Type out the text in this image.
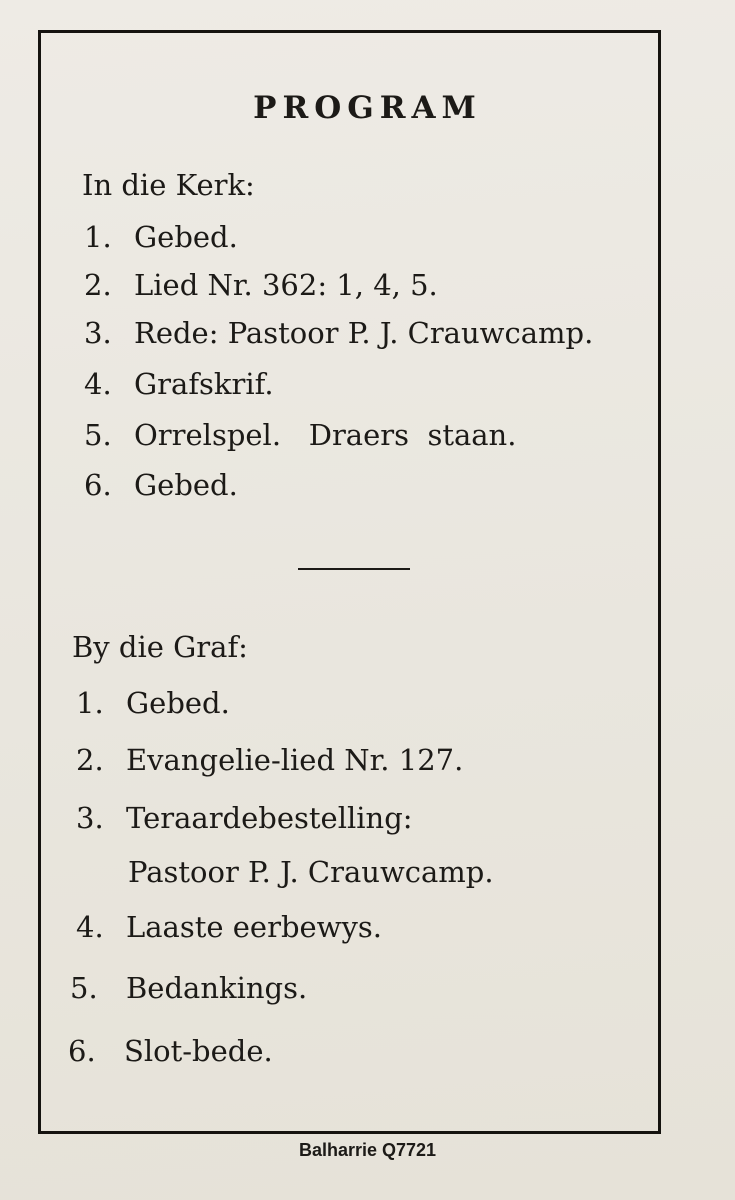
PROGRAM
In die Kerk:
1. Gebed.
2. Lied Nr. 362: 1, 4, 5.
3. Rede: Pastoor P. J. Crauwcamp.
4. Grafskrif.
5. Orrelspel.   Draers  staan.
6. Gebed.
By die Graf:
1. Gebed.
2. Evangelie-lied Nr. 127.
3. Teraardebestelling:
Pastoor P. J. Crauwcamp.
4. Laaste eerbewys.
5. Bedankings.
6. Slot-bede.
Balharrie Q7721
